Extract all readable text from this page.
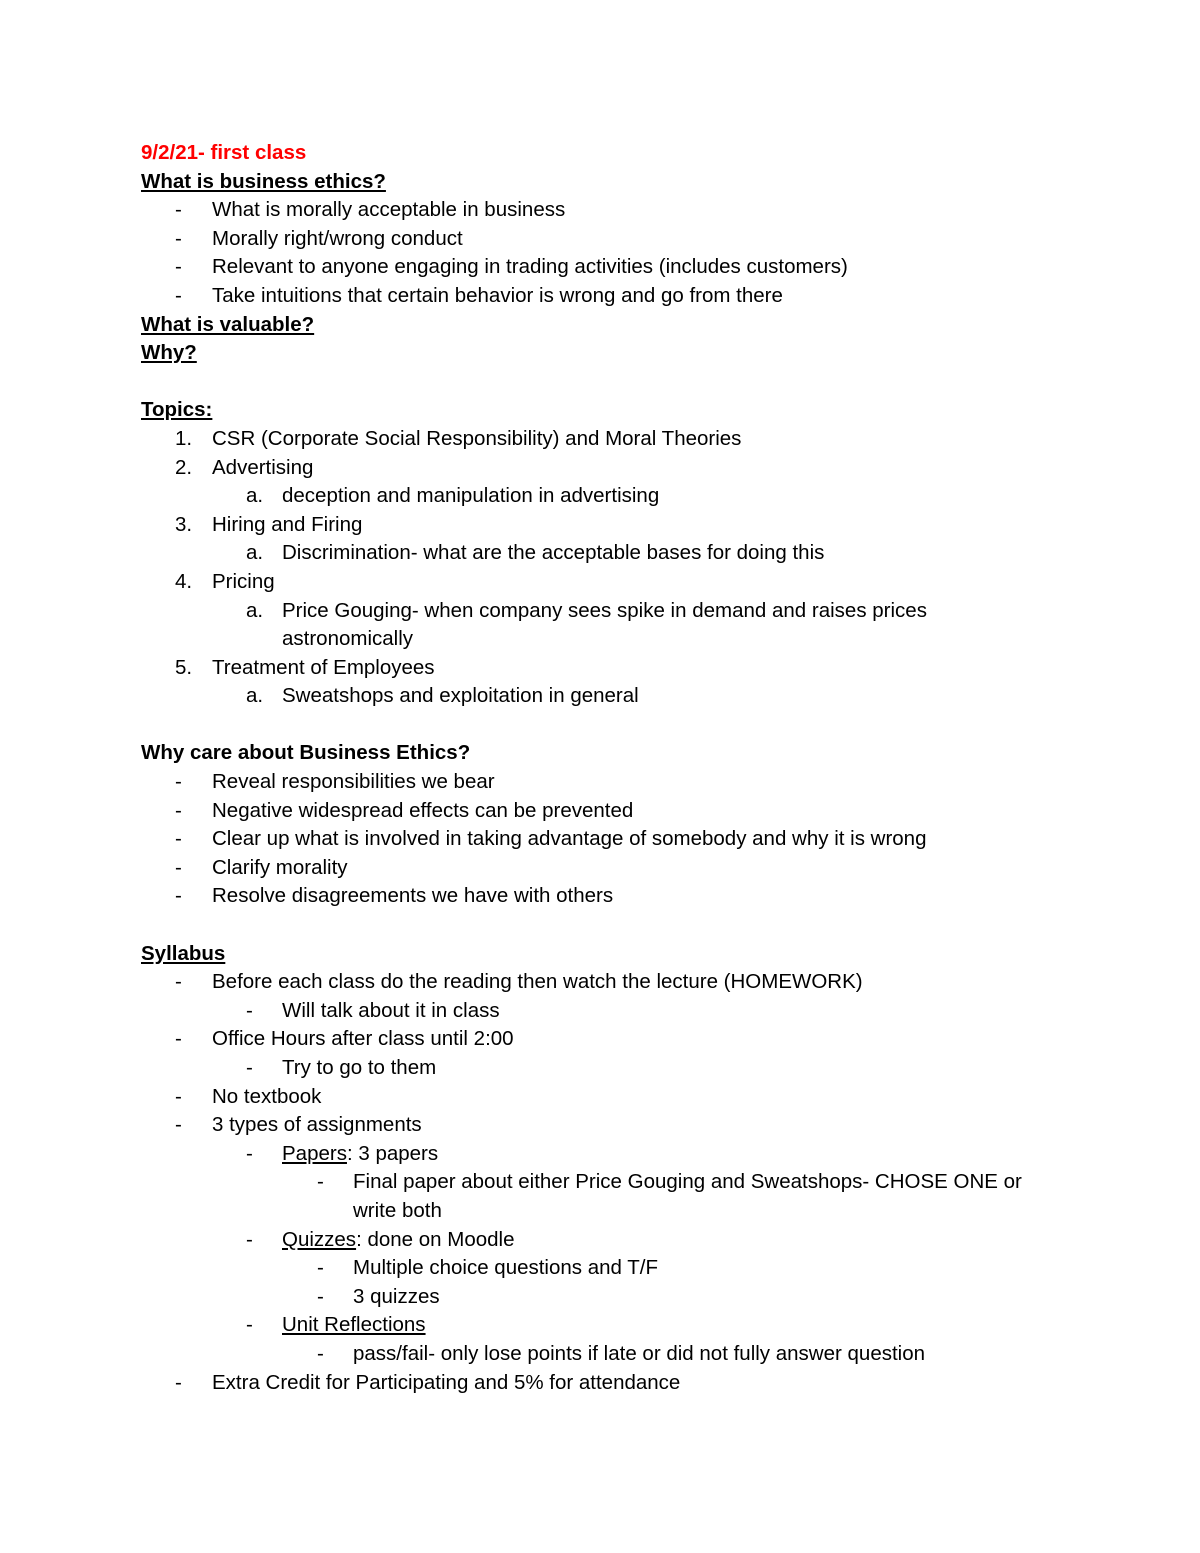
9/2/21- first class
What is business ethics?
- What is morally acceptable in business
- Morally right/wrong conduct
- Relevant to anyone engaging in trading activities (includes customers)
- Take intuitions that certain behavior is wrong and go from there
What is valuable?
Why?
Topics:
1. CSR (Corporate Social Responsibility) and Moral Theories
2. Advertising
a. deception and manipulation in advertising
3. Hiring and Firing
a. Discrimination- what are the acceptable bases for doing this
4. Pricing
a. Price Gouging- when company sees spike in demand and raises prices
astronomically
5. Treatment of Employees
a. Sweatshops and exploitation in general
Why care about Business Ethics?
- Reveal responsibilities we bear
- Negative widespread effects can be prevented
- Clear up what is involved in taking advantage of somebody and why it is wrong
- Clarify morality
- Resolve disagreements we have with others
Syllabus
- Before each class do the reading then watch the lecture (HOMEWORK)
- Will talk about it in class
- Office Hours after class until 2:00
- Try to go to them
- No textbook
- 3 types of assignments
- Papers: 3 papers
- Final paper about either Price Gouging and Sweatshops- CHOSE ONE or
write both
- Quizzes: done on Moodle
- Multiple choice questions and T/F
- 3 quizzes
- Unit Reflections
- pass/fail- only lose points if late or did not fully answer question
- Extra Credit for Participating and 5% for attendance
